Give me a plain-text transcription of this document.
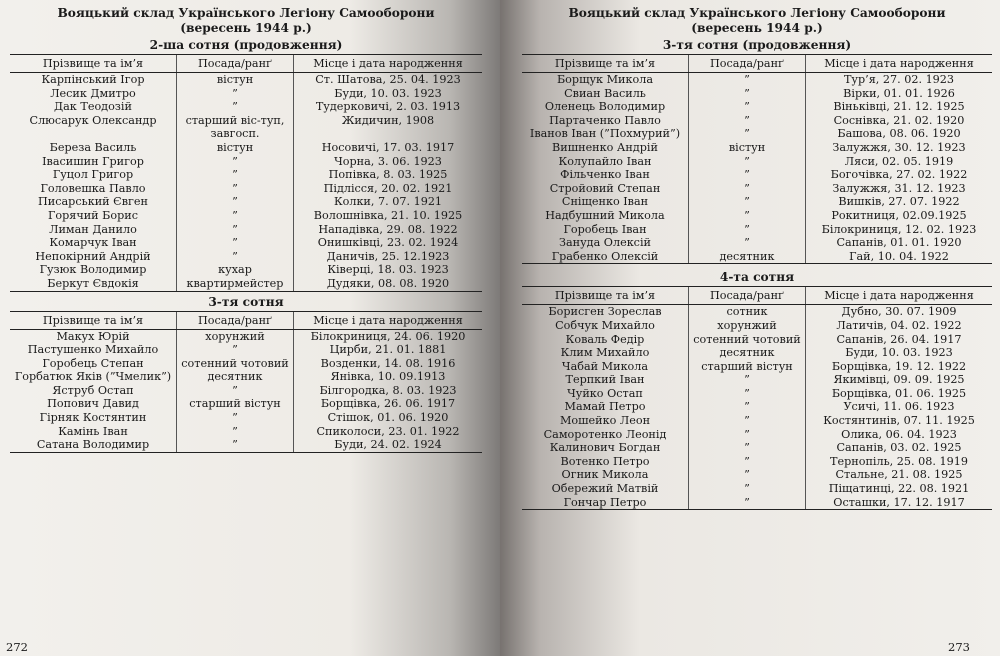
Вояцький склад Українського Легіону Самооборони
(вересень 1944 р.)
2-ша сотня (продовження)
Прізвище та ім’я	Посада/ранґ	Місце і дата народження
Карпінський Ігор	вістун	Ст. Шатова, 25. 04. 1923
Лесик Дмитро	”	Буди, 10. 03. 1923
Дак Теодозій	”	Тудерковичі, 2. 03. 1913
Слюсарук Олександр	старший віс-туп, завгосп.	Жидичин, 1908
Береза Василь	вістун	Носовичі, 17. 03. 1917
Івасишин Григор	”	Чорна, 3. 06. 1923
Гуцол Григор	”	Попівка, 8. 03. 1925
Головешка Павло	”	Підлісся, 20. 02. 1921
Писарський Євген	”	Колки, 7. 07. 1921
Горячий Борис	”	Волошнівка, 21. 10. 1925
Лиман Данило	”	Нападівка, 29. 08. 1922
Комарчук Іван	”	Онишківці, 23. 02. 1924
Непокірний Андрій	”	Даничів, 25. 12.1923
Гузюк Володимир	кухар	Ківерці, 18. 03. 1923
Беркут Євдокія	квартирмейстер	Дудяки, 08. 08. 1920
3-тя сотня
Прізвище та ім’я	Посада/ранґ	Місце і дата народження
Макух Юрій	хорунжий	Білокриниця, 24. 06. 1920
Пастушенко Михайло	”	Цирби, 21. 01. 1881
Горобець Степан	сотенний чотовий	Возденки, 14. 08. 1916
Горбатюк Яків (”Чмелик”)	десятник	Янівка, 10. 09.1913
Яструб Остап	”	Білгородка, 8. 03. 1923
Попович Давид	старший вістун	Борщівка, 26. 06. 1917
Гірняк Костянтин	”	Стішок, 01. 06. 1920
Камінь Іван	”	Спиколоси, 23. 01. 1922
Сатана Володимир	”	Буди, 24. 02. 1924
272
Вояцький склад Українського Легіону Самооборони
(вересень 1944 р.)
3-тя сотня (продовження)
Прізвище та ім’я	Посада/ранґ	Місце і дата народження
Борщук Микола	”	Тур’я, 27. 02. 1923
Свиан Василь	”	Вірки, 01. 01. 1926
Оленець Володимир	”	Віньківці, 21. 12. 1925
Партаченко Павло	”	Соснівка, 21. 02. 1920
Іванов Іван (”Похмурий”)	”	Башова, 08. 06. 1920
Вишненко Андрій	вістун	Залужжя, 30. 12. 1923
Колупайло Іван	”	Ляси, 02. 05. 1919
Фільченко Іван	”	Богочівка, 27. 02. 1922
Стройовий Степан	”	Залужжя, 31. 12. 1923
Сніщенко Іван	”	Вишків, 27. 07. 1922
Надбушний Микола	”	Рокитниця, 02.09.1925
Горобець Іван	”	Білокриниця, 12. 02. 1923
Зануда Олексій	”	Сапанів, 01. 01. 1920
Грабенко Олексій	десятник	Гай, 10. 04. 1922
4-та сотня
Прізвище та ім’я	Посада/ранґ	Місце і дата народження
Борисген Зореслав	сотник	Дубно, 30. 07. 1909
Собчук Михайло	хорунжий	Латичів, 04. 02. 1922
Коваль Федір	сотенний чотовий	Сапанів, 26. 04. 1917
Клим Михайло	десятник	Буди, 10. 03. 1923
Чабай Микола	старший вістун	Борщівка, 19. 12. 1922
Терпкий Іван	”	Якимівці, 09. 09. 1925
Чуйко Остап	”	Борщівка, 01. 06. 1925
Мамай Петро	”	Усичі, 11. 06. 1923
Мошейко Леон	”	Костянтинів, 07. 11. 1925
Саморотенко Леонід	”	Олика, 06. 04. 1923
Калинович Богдан	”	Сапанів, 03. 02. 1925
Вотенко Петро	”	Тернопіль, 25. 08. 1919
Огник Микола	”	Стальне, 21. 08. 1925
Обережий Матвій	”	Піщатинці, 22. 08. 1921
Гончар Петро	”	Осташки, 17. 12. 1917
273
